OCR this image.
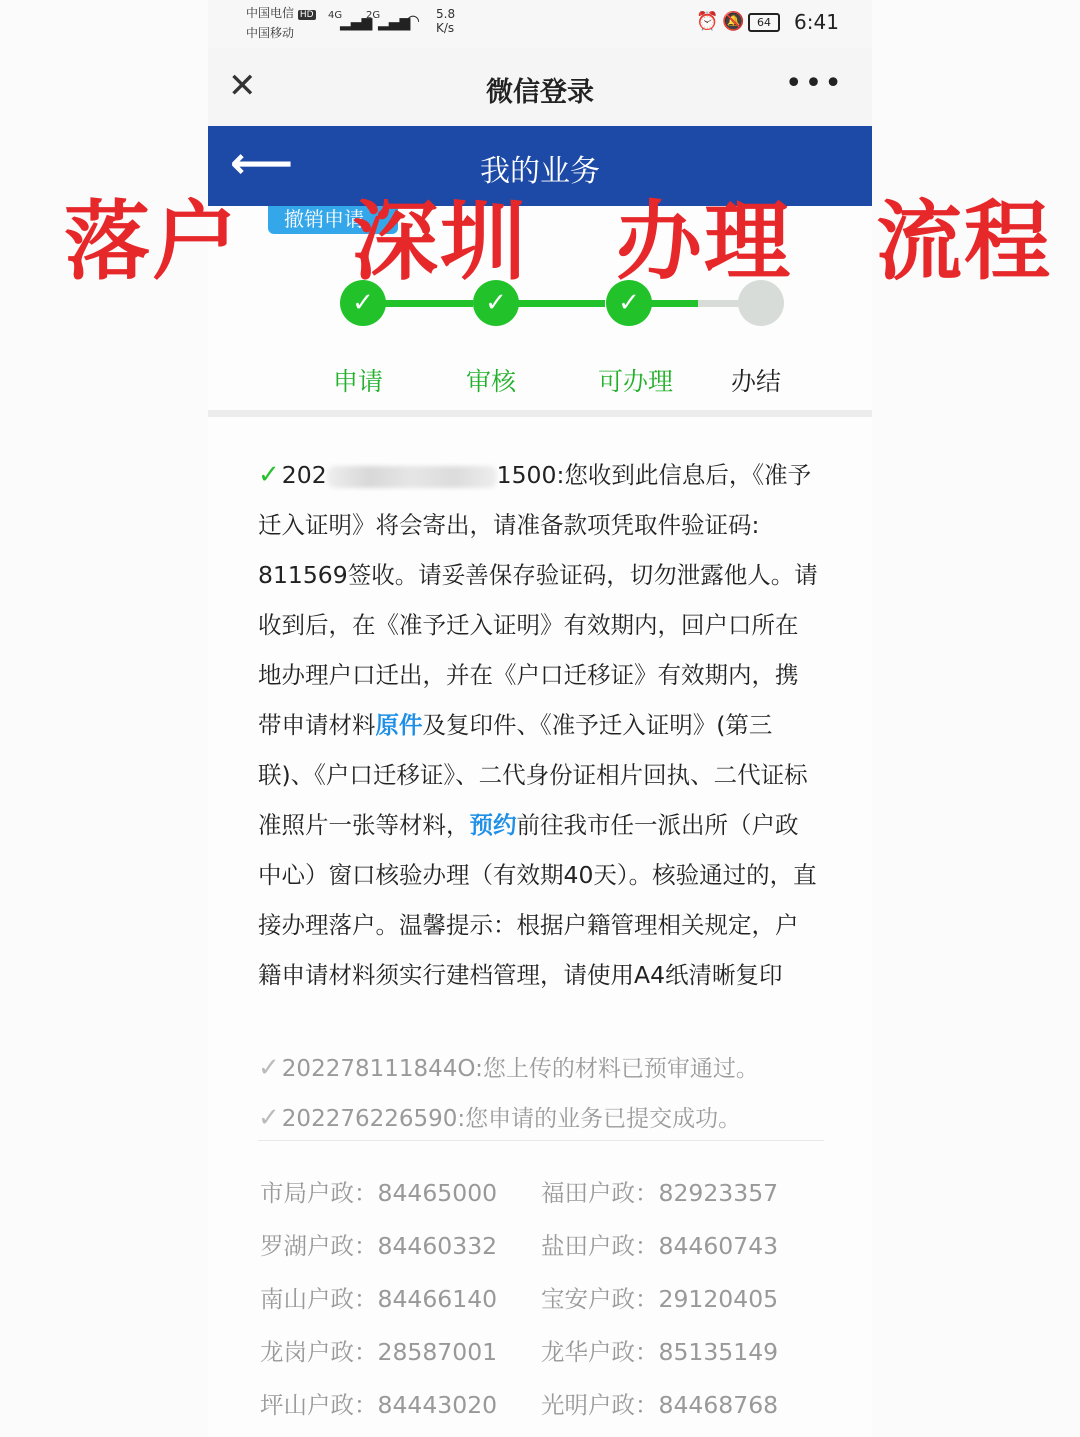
中国电信 HD
中国移动
4G
▂▄▆
2G
▂▄▆
◠ 5.8
K/s	⏰ 🔕	64	6:41
✕	微信登录	•••
⟵	我的业务
撤销申请
✓	✓	✓
申请	审核	可办理 办结
✓202	1500:您收到此信息后，《准予迁入证明》将会寄出，请准备款项凭取件验证码: 811569签收。请妥善保存验证码，切勿泄露他人。请收到后，在《准予迁入证明》有效期内，回户口所在地办理户口迁出，并在《户口迁移证》有效期内，携带申请材料原件及复印件、《准予迁入证明》(第三联)、《户口迁移证》、二代身份证相片回执、二代证标准照片一张等材料，预约前往我市任一派出所（户政中心）窗口核验办理（有效期40天）。核验通过的，直接办理落户。温馨提示：根据户籍管理相关规定，户籍申请材料须实行建档管理，请使用A4纸清晰复印
✓202278111844O:您上传的材料已预审通过。
✓202276226590:您申请的业务已提交成功。
市局户政：84465000 福田户政：82923357
罗湖户政：84460332 盐田户政：84460743
南山户政：84466140 宝安户政：29120405
龙岗户政：28587001 龙华户政：85135149
坪山户政：84443020 光明户政：84468768
落户 深圳 办理 流程
